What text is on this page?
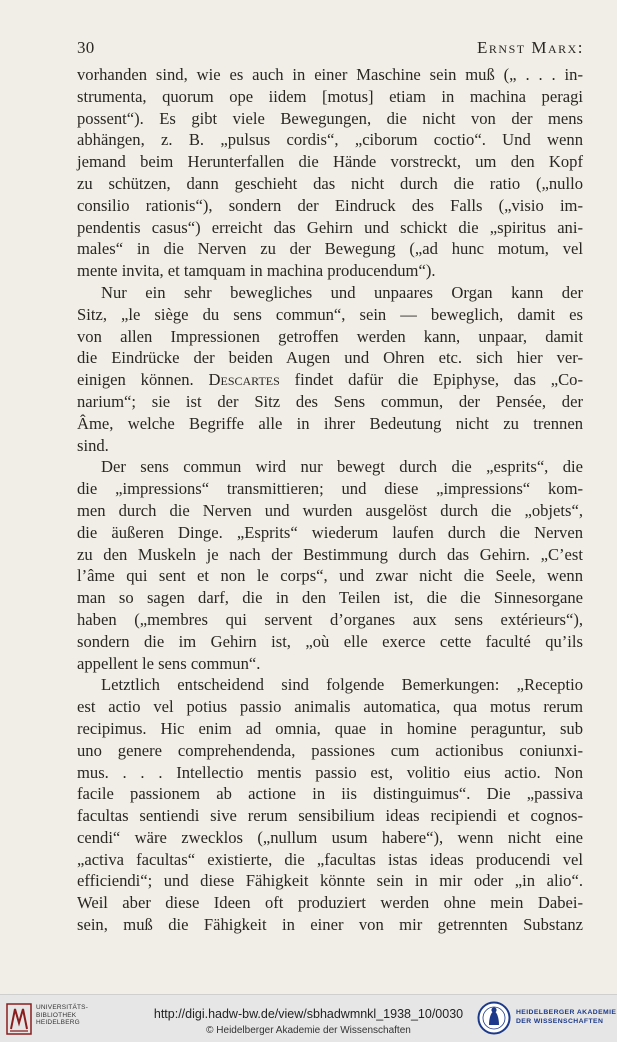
30	Ernst Marx:
vorhanden sind, wie es auch in einer Maschine sein muß („ . . . in-
strumenta, quorum ope iidem [motus] etiam in machina peragi
possent“). Es gibt viele Bewegungen, die nicht von der mens
abhängen, z. B. „pulsus cordis“, „ciborum coctio“. Und wenn
jemand beim Herunterfallen die Hände vorstreckt, um den Kopf
zu schützen, dann geschieht das nicht durch die ratio („nullo
consilio rationis“), sondern der Eindruck des Falls („visio im-
pendentis casus“) erreicht das Gehirn und schickt die „spiritus ani-
males“ in die Nerven zu der Bewegung („ad hunc motum, vel
mente invita, et tamquam in machina producendum“).
Nur ein sehr bewegliches und unpaares Organ kann der
Sitz, „le siège du sens commun“, sein — beweglich, damit es
von allen Impressionen getroffen werden kann, unpaar, damit
die Eindrücke der beiden Augen und Ohren etc. sich hier ver-
einigen können. Descartes findet dafür die Epiphyse, das „Co-
narium“; sie ist der Sitz des Sens commun, der Pensée, der
Âme, welche Begriffe alle in ihrer Bedeutung nicht zu trennen
sind.
Der sens commun wird nur bewegt durch die „esprits“, die
die „impressions“ transmittieren; und diese „impressions“ kom-
men durch die Nerven und wurden ausgelöst durch die „objets“,
die äußeren Dinge. „Esprits“ wiederum laufen durch die Nerven
zu den Muskeln je nach der Bestimmung durch das Gehirn. „C’est
l’âme qui sent et non le corps“, und zwar nicht die Seele, wenn
man so sagen darf, die in den Teilen ist, die die Sinnesorgane
haben („membres qui servent d’organes aux sens extérieurs“),
sondern die im Gehirn ist, „où elle exerce cette faculté qu’ils
appellent le sens commun“.
Letztlich entscheidend sind folgende Bemerkungen: „Receptio
est actio vel potius passio animalis automatica, qua motus rerum
recipimus. Hic enim ad omnia, quae in homine peraguntur, sub
uno genere comprehendenda, passiones cum actionibus coniunxi-
mus. . . . Intellectio mentis passio est, volitio eius actio. Non
facile passionem ab actione in iis distinguimus“. Die „passiva
facultas sentiendi sive rerum sensibilium ideas recipiendi et cognos-
cendi“ wäre zwecklos („nullum usum habere“), wenn nicht eine
„activa facultas“ existierte, die „facultas istas ideas producendi vel
efficiendi“; und diese Fähigkeit könnte sein in mir oder „in alio“.
Weil aber diese Ideen oft produziert werden ohne mein Dabei-
sein, muß die Fähigkeit in einer von mir getrennten Substanz
UNIVERSITÄTS-
BIBLIOTHEK
HEIDELBERG
http://digi.hadw-bw.de/view/sbhadwmnkl_1938_10/0030
© Heidelberger Akademie der Wissenschaften
HEIDELBERGER AKADEMIE
DER WISSENSCHAFTEN
